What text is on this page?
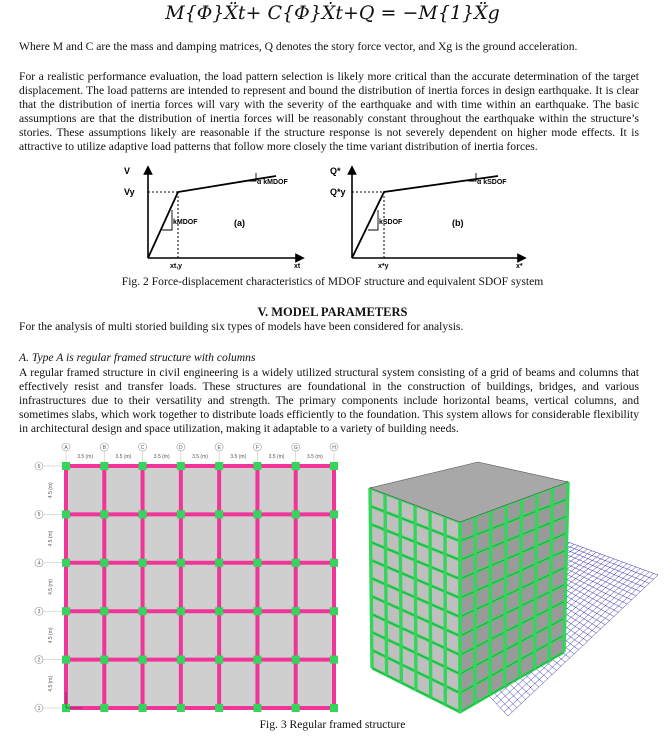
M{Φ}Ẍt+ C{Φ}Ẋt+Q = −M{1}Ẍg

Where M and C are the mass and damping matrices, Q denotes the story force vector, and Xg is the ground acceleration.

For a realistic performance evaluation, the load pattern selection is likely more critical than the accurate determination of the target displacement. The load patterns are intended to represent and bound the distribution of inertia forces in design earthquake. It is clear that the distribution of inertia forces will vary with the severity of the earthquake and with time within an earthquake. The basic assumptions are that the distribution of inertia forces will be reasonably constant throughout the earthquake within the structure’s stories. These assumptions likely are reasonable if the structure response is not severely dependent on higher mode effects. It is attractive to utilize adaptive load patterns that follow more closely the time variant distribution of inertia forces.

V
Vy
kMDOF
α kMDOF
(a)
xt,y	xt
Q*
Q*y
kSDOF
α kSDOF
(b)
x*y	x*
Fig. 2 Force-displacement characteristics of MDOF structure and equivalent SDOF system
V. MODEL PARAMETERS

For the analysis of multi storied building six types of models have been considered for analysis.

A. Type A is regular framed structure with columns

A regular framed structure in civil engineering is a widely utilized structural system consisting of a grid of beams and columns that effectively resist and transfer loads. These structures are foundational in the construction of buildings, bridges, and various infrastructures due to their versatility and strength. The primary components include horizontal beams, vertical columns, and sometimes slabs, which work together to distribute loads efficiently to the foundation. This system allows for considerable flexibility in architectural design and space utilization, making it adaptable to a variety of building needs.

A
3.5 (m)
B
3.5 (m)
C
3.5 (m)
D
3.5 (m)
E
3.5 (m)
F
3.5 (m)
G
3.5 (m)
H
6
4.5 (m)
5
4.5 (m)
4
4.5 (m)
3
4.5 (m)
2
4.5 (m)
1
Fig. 3 Regular framed structure
